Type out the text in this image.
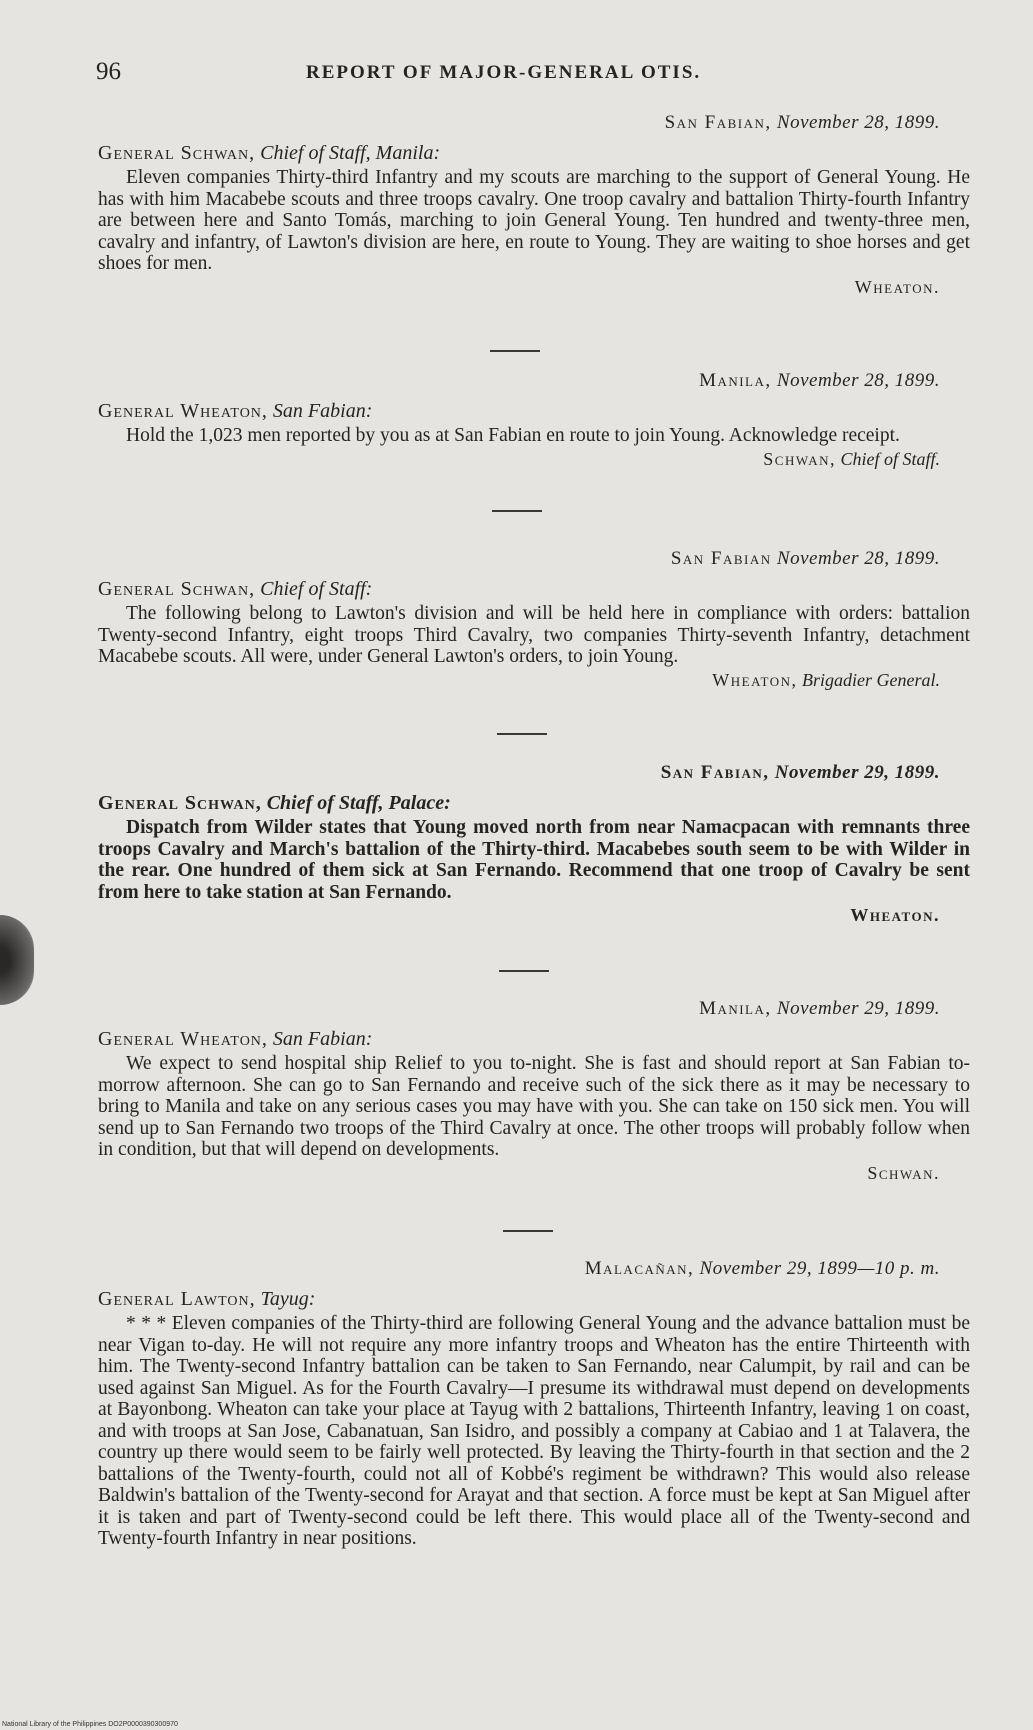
96	REPORT OF MAJOR-GENERAL OTIS.
San Fabian, November 28, 1899.
General Schwan, Chief of Staff, Manila:
Eleven companies Thirty-third Infantry and my scouts are marching to the support of General Young. He has with him Macabebe scouts and three troops cavalry. One troop cavalry and battalion Thirty-fourth Infantry are between here and Santo Tomás, marching to join General Young. Ten hundred and twenty-three men, cavalry and infantry, of Lawton's division are here, en route to Young. They are waiting to shoe horses and get shoes for men.
Wheaton.
Manila, November 28, 1899.
General Wheaton, San Fabian:
Hold the 1,023 men reported by you as at San Fabian en route to join Young. Acknowledge receipt.
Schwan, Chief of Staff.
San Fabian November 28, 1899.
General Schwan, Chief of Staff:
The following belong to Lawton's division and will be held here in compliance with orders: battalion Twenty-second Infantry, eight troops Third Cavalry, two companies Thirty-seventh Infantry, detachment Macabebe scouts. All were, under General Lawton's orders, to join Young.
Wheaton, Brigadier General.
San Fabian, November 29, 1899.
General Schwan, Chief of Staff, Palace:
Dispatch from Wilder states that Young moved north from near Namacpacan with remnants three troops Cavalry and March's battalion of the Thirty-third. Macabebes south seem to be with Wilder in the rear. One hundred of them sick at San Fernando. Recommend that one troop of Cavalry be sent from here to take station at San Fernando.
Wheaton.
Manila, November 29, 1899.
General Wheaton, San Fabian:
We expect to send hospital ship Relief to you to-night. She is fast and should report at San Fabian to-morrow afternoon. She can go to San Fernando and receive such of the sick there as it may be necessary to bring to Manila and take on any serious cases you may have with you. She can take on 150 sick men. You will send up to San Fernando two troops of the Third Cavalry at once. The other troops will probably follow when in condition, but that will depend on developments.
Schwan.
Malacañan, November 29, 1899—10 p. m.
General Lawton, Tayug:
* * * Eleven companies of the Thirty-third are following General Young and the advance battalion must be near Vigan to-day. He will not require any more infantry troops and Wheaton has the entire Thirteenth with him. The Twenty-second Infantry battalion can be taken to San Fernando, near Calumpit, by rail and can be used against San Miguel. As for the Fourth Cavalry—I presume its withdrawal must depend on developments at Bayonbong. Wheaton can take your place at Tayug with 2 battalions, Thirteenth Infantry, leaving 1 on coast, and with troops at San Jose, Cabanatuan, San Isidro, and possibly a company at Cabiao and 1 at Talavera, the country up there would seem to be fairly well protected. By leaving the Thirty-fourth in that section and the 2 battalions of the Twenty-fourth, could not all of Kobbé's regiment be withdrawn? This would also release Baldwin's battalion of the Twenty-second for Arayat and that section. A force must be kept at San Miguel after it is taken and part of Twenty-second could be left there. This would place all of the Twenty-second and Twenty-fourth Infantry in near positions.
National Library of the Philippines DO2P0000390300970
